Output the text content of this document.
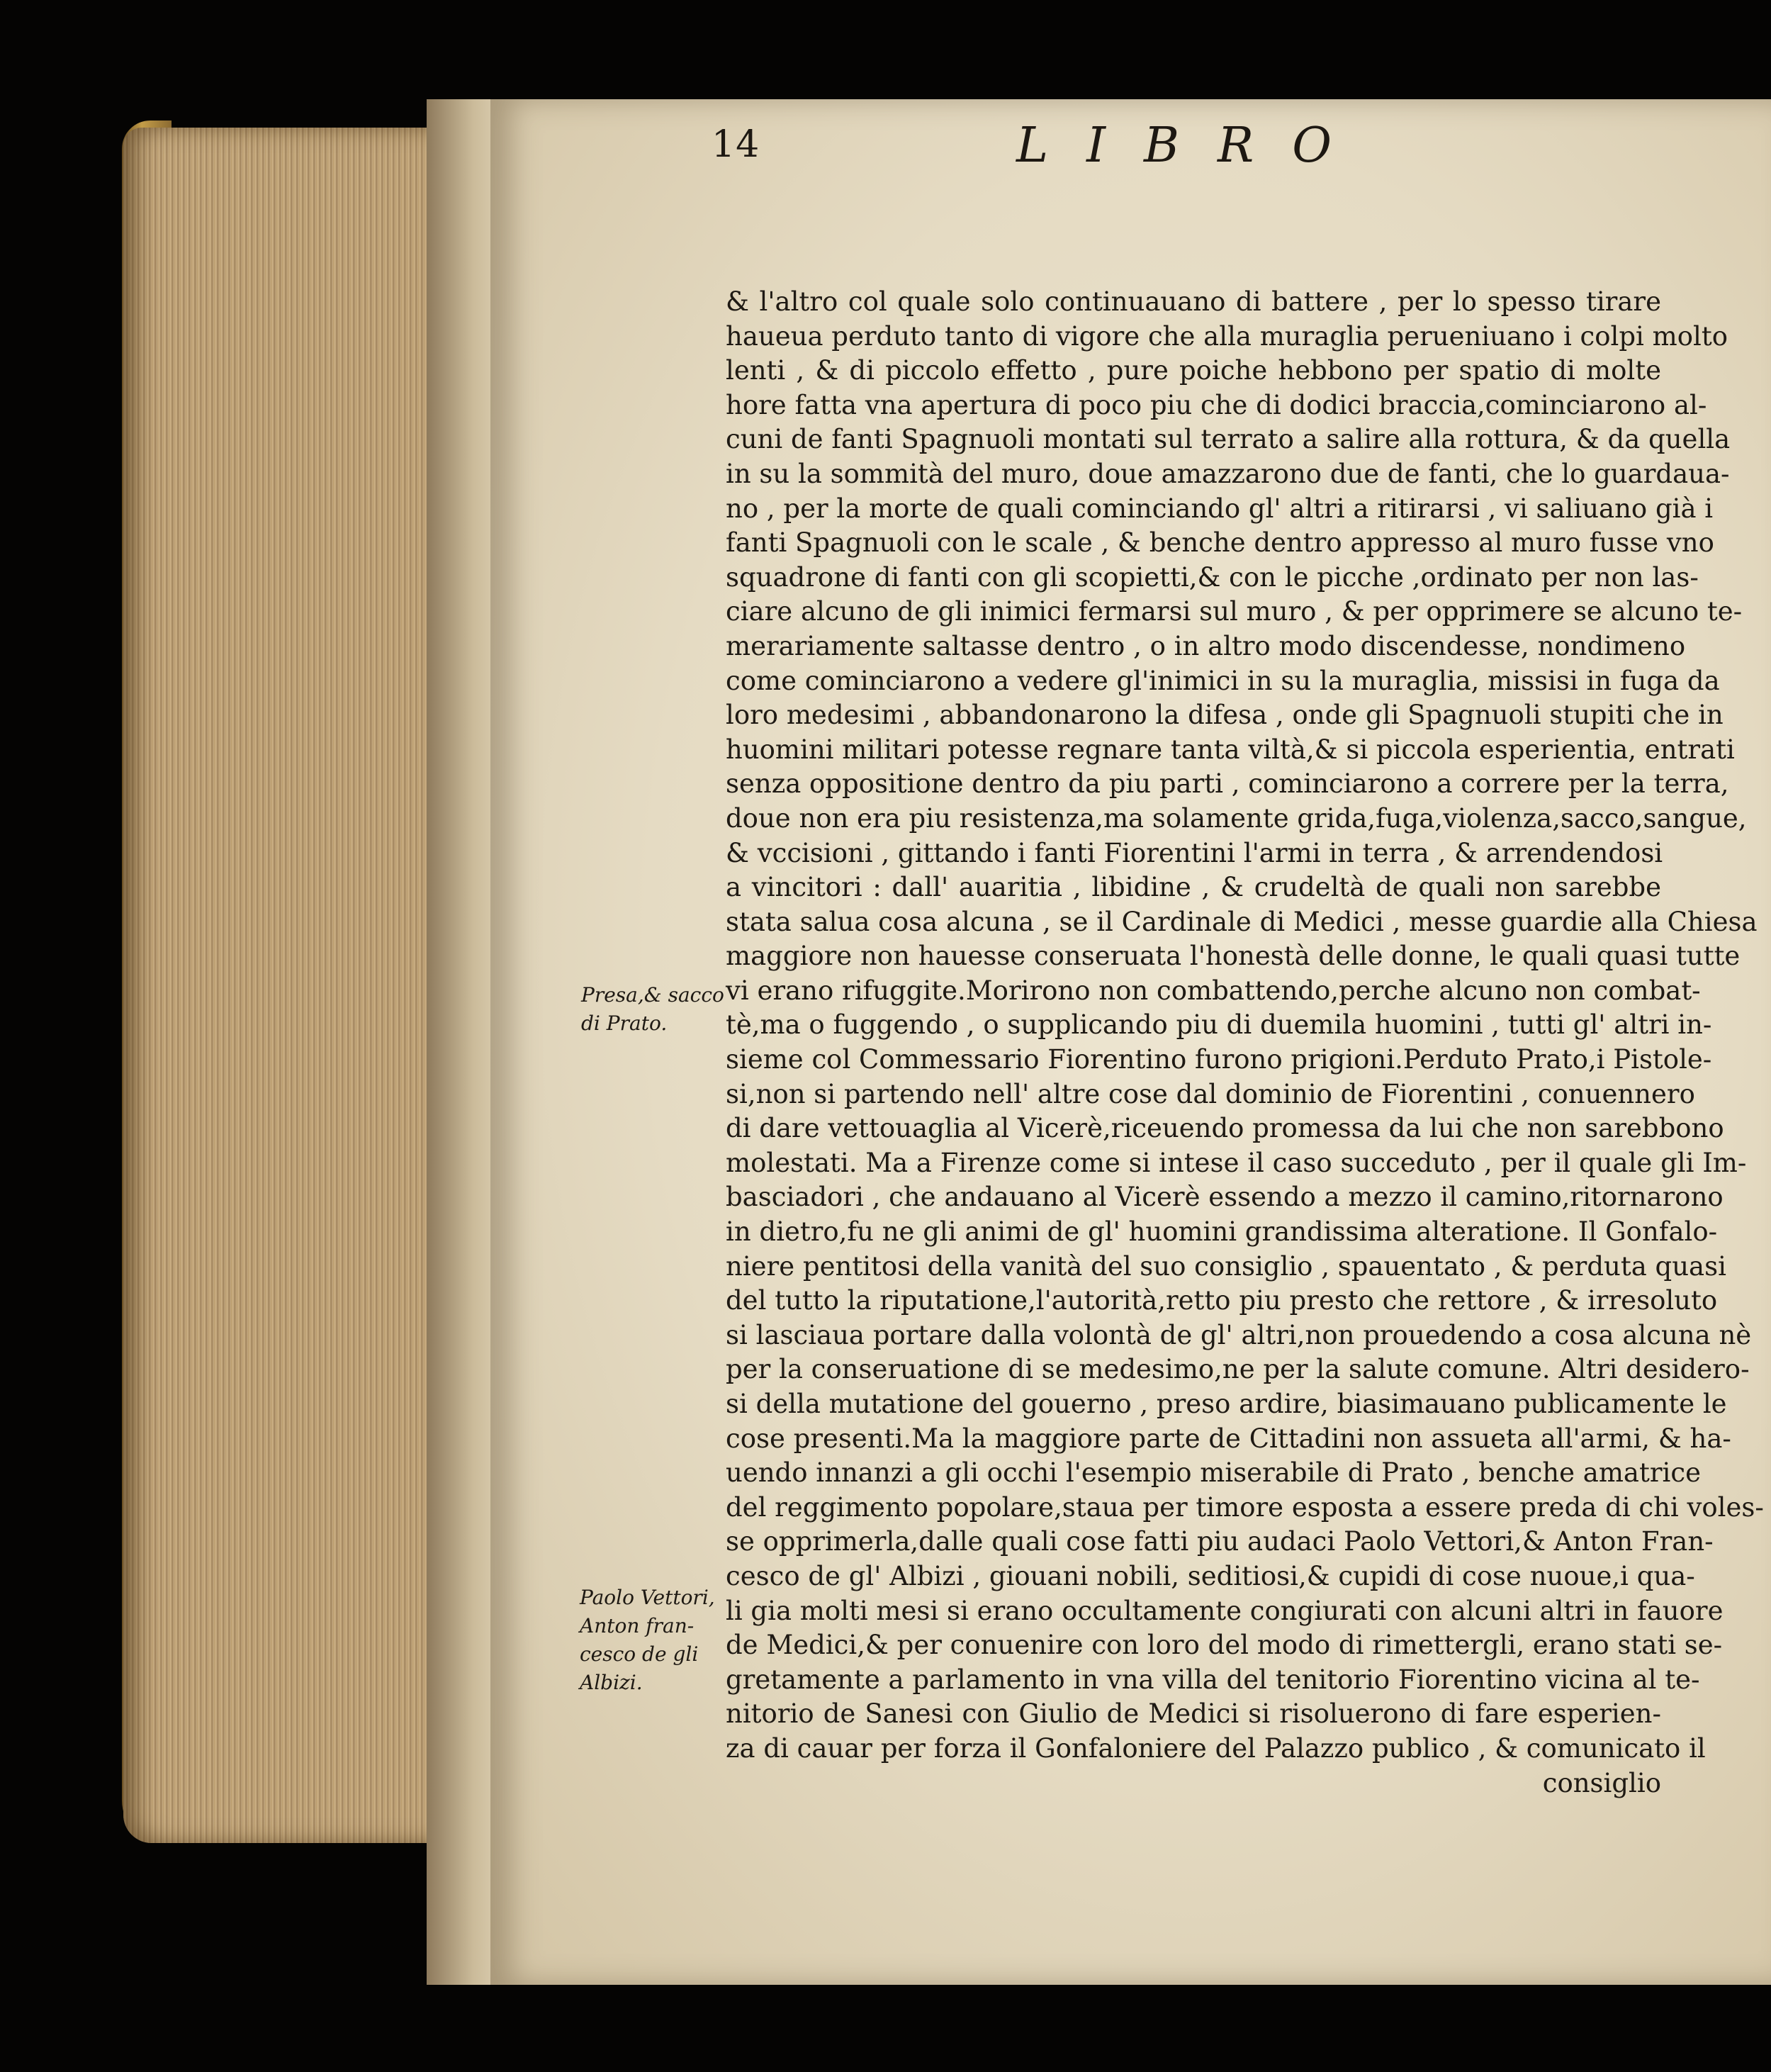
14	LIBRO
Presa,& sacco
di Prato.
Paolo Vettori,
Anton fran-
cesco de gli
Albizi.
& l'altro col quale solo continuauano di battere , per lo spesso tirare
haueua perduto tanto di vigore che alla muraglia perueniuano i colpi molto
lenti , & di piccolo effetto , pure poiche hebbono per spatio di molte
hore fatta vna apertura di poco piu che di dodici braccia,cominciarono al-
cuni de fanti Spagnuoli montati sul terrato a salire alla rottura, & da quella
in su la sommità del muro, doue amazzarono due de fanti, che lo guardaua-
no , per la morte de quali cominciando gl' altri a ritirarsi , vi saliuano già i
fanti Spagnuoli con le scale , & benche dentro appresso al muro fusse vno
squadrone di fanti con gli scopietti,& con le picche ,ordinato per non las-
ciare alcuno de gli inimici fermarsi sul muro , & per opprimere se alcuno te-
merariamente saltasse dentro , o in altro modo discendesse, nondimeno
come cominciarono a vedere gl'inimici in su la muraglia, missisi in fuga da
loro medesimi , abbandonarono la difesa , onde gli Spagnuoli stupiti che in
huomini militari potesse regnare tanta viltà,& si piccola esperientia, entrati
senza oppositione dentro da piu parti , cominciarono a correre per la terra,
doue non era piu resistenza,ma solamente grida,fuga,violenza,sacco,sangue,
& vccisioni , gittando i fanti Fiorentini l'armi in terra , & arrendendosi
a vincitori : dall' auaritia , libidine , & crudeltà de quali non sarebbe
stata salua cosa alcuna , se il Cardinale di Medici , messe guardie alla Chiesa
maggiore non hauesse conseruata l'honestà delle donne, le quali quasi tutte
vi erano rifuggite.Morirono non combattendo,perche alcuno non combat-
tè,ma o fuggendo , o supplicando piu di duemila huomini , tutti gl' altri in-
sieme col Commessario Fiorentino furono prigioni.Perduto Prato,i Pistole-
si,non si partendo nell' altre cose dal dominio de Fiorentini , conuennero
di dare vettouaglia al Vicerè,riceuendo promessa da lui che non sarebbono
molestati. Ma a Firenze come si intese il caso succeduto , per il quale gli Im-
basciadori , che andauano al Vicerè essendo a mezzo il camino,ritornarono
in dietro,fu ne gli animi de gl' huomini grandissima alteratione. Il Gonfalo-
niere pentitosi della vanità del suo consiglio , spauentato , & perduta quasi
del tutto la riputatione,l'autorità,retto piu presto che rettore , & irresoluto
si lasciaua portare dalla volontà de gl' altri,non prouedendo a cosa alcuna nè
per la conseruatione di se medesimo,ne per la salute comune. Altri desidero-
si della mutatione del gouerno , preso ardire, biasimauano publicamente le
cose presenti.Ma la maggiore parte de Cittadini non assueta all'armi, & ha-
uendo innanzi a gli occhi l'esempio miserabile di Prato , benche amatrice
del reggimento popolare,staua per timore esposta a essere preda di chi voles-
se opprimerla,dalle quali cose fatti piu audaci Paolo Vettori,& Anton Fran-
cesco de gl' Albizi , giouani nobili, seditiosi,& cupidi di cose nuoue,i qua-
li gia molti mesi si erano occultamente congiurati con alcuni altri in fauore
de Medici,& per conuenire con loro del modo di rimettergli, erano stati se-
gretamente a parlamento in vna villa del tenitorio Fiorentino vicina al te-
nitorio de Sanesi con Giulio de Medici si risoluerono di fare esperien-
za di cauar per forza il Gonfaloniere del Palazzo publico , & comunicato il
consiglio
